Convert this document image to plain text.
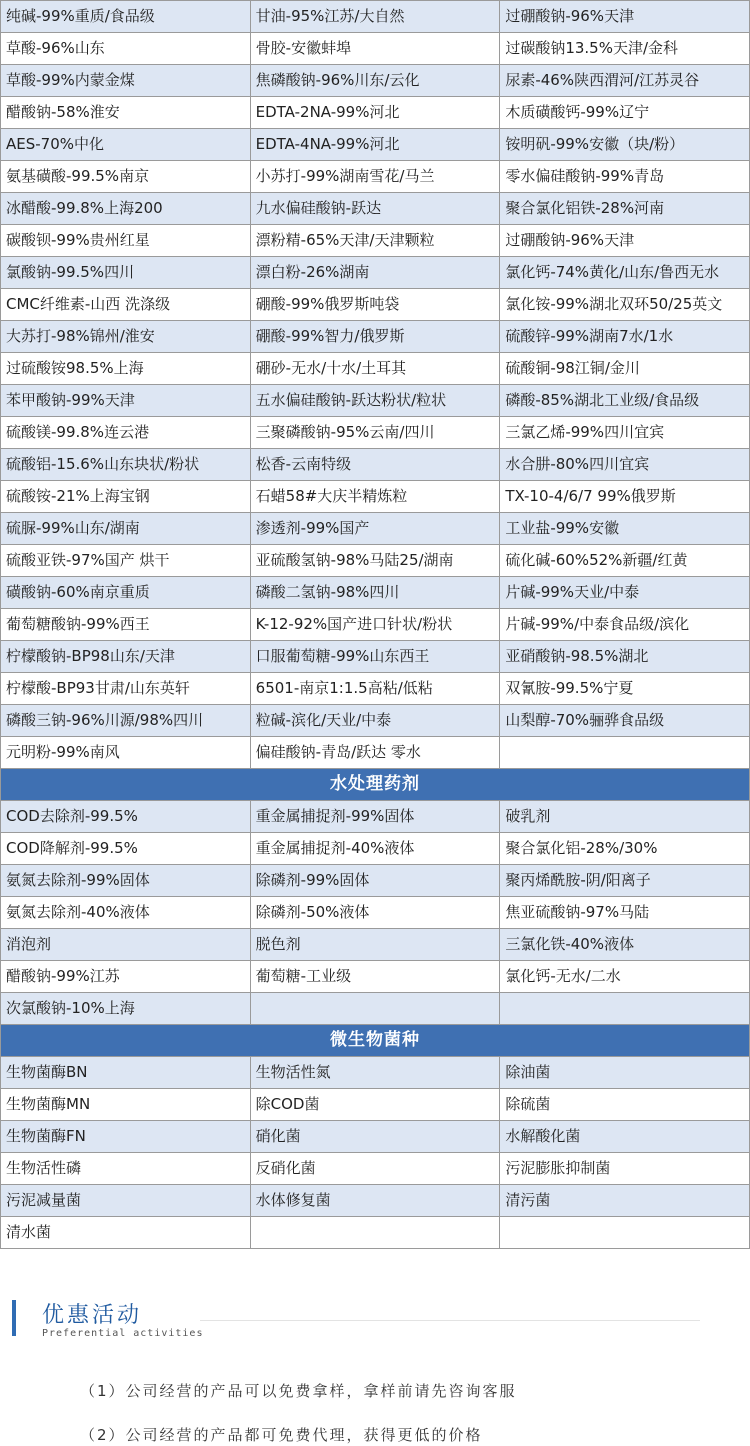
纯碱-99%重质/食品级	甘油-95%江苏/大自然	过硼酸钠-96%天津
草酸-96%山东	骨胶-安徽蚌埠	过碳酸钠13.5%天津/金科
草酸-99%内蒙金煤	焦磷酸钠-96%川东/云化	尿素-46%陕西渭河/江苏灵谷
醋酸钠-58%淮安	EDTA-2NA-99%河北	木质磺酸钙-99%辽宁
AES-70%中化	EDTA-4NA-99%河北	铵明矾-99%安徽（块/粉）
氨基磺酸-99.5%南京	小苏打-99%湖南雪花/马兰	零水偏硅酸钠-99%青岛
冰醋酸-99.8%上海200	九水偏硅酸钠-跃达	聚合氯化铝铁-28%河南
碳酸钡-99%贵州红星	漂粉精-65%天津/天津颗粒	过硼酸钠-96%天津
氯酸钠-99.5%四川	漂白粉-26%湖南	氯化钙-74%黄化/山东/鲁西无水
CMC纤维素-山西 洗涤级	硼酸-99%俄罗斯吨袋	氯化铵-99%湖北双环50/25英文
大苏打-98%锦州/淮安	硼酸-99%智力/俄罗斯	硫酸锌-99%湖南7水/1水
过硫酸铵98.5%上海	硼砂-无水/十水/土耳其	硫酸铜-98江铜/金川
苯甲酸钠-99%天津	五水偏硅酸钠-跃达粉状/粒状	磷酸-85%湖北工业级/食品级
硫酸镁-99.8%连云港	三聚磷酸钠-95%云南/四川	三氯乙烯-99%四川宜宾
硫酸铝-15.6%山东块状/粉状	松香-云南特级	水合肼-80%四川宜宾
硫酸铵-21%上海宝钢	石蜡58#大庆半精炼粒	TX-10-4/6/7 99%俄罗斯
硫脲-99%山东/湖南	渗透剂-99%国产	工业盐-99%安徽
硫酸亚铁-97%国产 烘干	亚硫酸氢钠-98%马陆25/湖南	硫化碱-60%52%新疆/红黄
磺酸钠-60%南京重质	磷酸二氢钠-98%四川	片碱-99%天业/中泰
葡萄糖酸钠-99%西王	K-12-92%国产进口针状/粉状	片碱-99%/中泰食品级/滨化
柠檬酸钠-BP98山东/天津	口服葡萄糖-99%山东西王	亚硝酸钠-98.5%湖北
柠檬酸-BP93甘肃/山东英轩	6501-南京1:1.5高粘/低粘	双氰胺-99.5%宁夏
磷酸三钠-96%川源/98%四川	粒碱-滨化/天业/中泰	山梨醇-70%骊骅食品级
元明粉-99%南风	偏硅酸钠-青岛/跃达 零水	
水处理药剂		
COD去除剂-99.5%	重金属捕捉剂-99%固体	破乳剂
COD降解剂-99.5%	重金属捕捉剂-40%液体	聚合氯化铝-28%/30%
氨氮去除剂-99%固体	除磷剂-99%固体	聚丙烯酰胺-阴/阳离子
氨氮去除剂-40%液体	除磷剂-50%液体	焦亚硫酸钠-97%马陆
消泡剂	脱色剂	三氯化铁-40%液体
醋酸钠-99%江苏	葡萄糖-工业级	氯化钙-无水/二水
次氯酸钠-10%上海		
微生物菌种		
生物菌酶BN	生物活性氮	除油菌
生物菌酶MN	除COD菌	除硫菌
生物菌酶FN	硝化菌	水解酸化菌
生物活性磷	反硝化菌	污泥膨胀抑制菌
污泥减量菌	水体修复菌	清污菌
清水菌		
优惠活动
Preferential activities
（1）公司经营的产品可以免费拿样，拿样前请先咨询客服
（2）公司经营的产品都可免费代理，获得更低的价格
